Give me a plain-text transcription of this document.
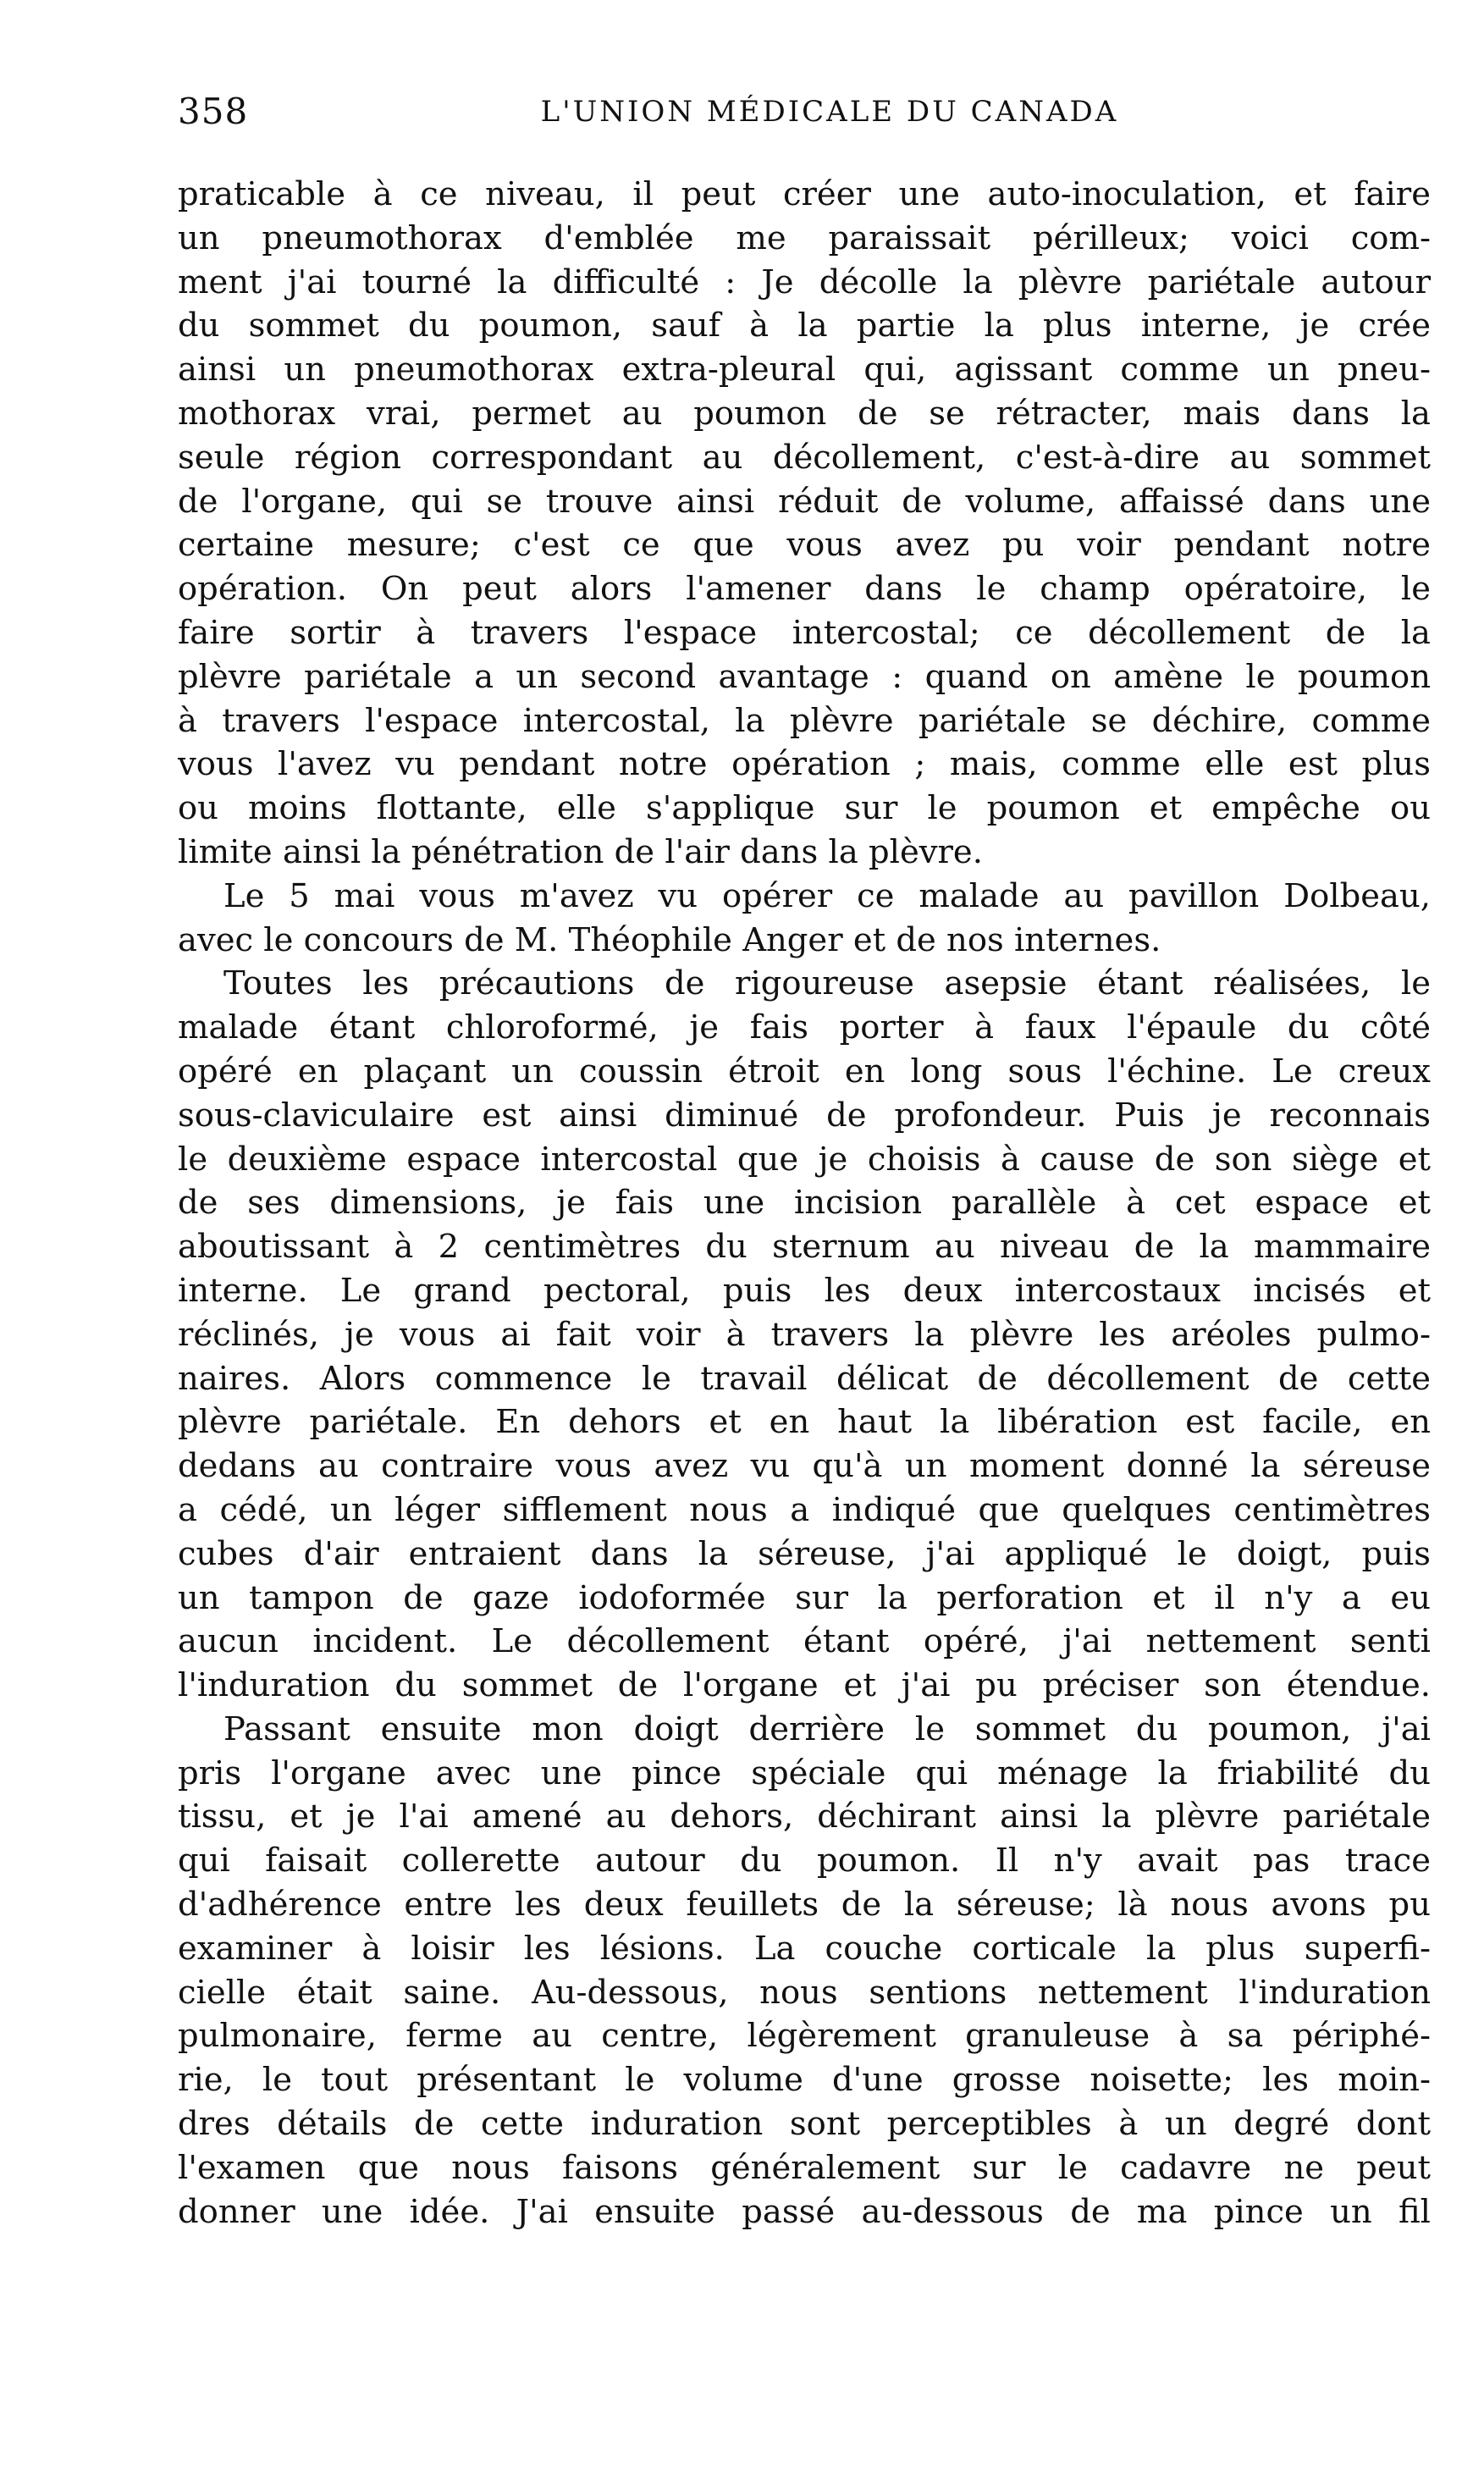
358	L'UNION MÉDICALE DU CANADA
praticable à ce niveau, il peut créer une auto-inoculation, et faire
un pneumothorax d'emblée me paraissait périlleux; voici com-
ment j'ai tourné la difficulté : Je décolle la plèvre pariétale autour
du sommet du poumon, sauf à la partie la plus interne, je crée
ainsi un pneumothorax extra-pleural qui, agissant comme un pneu-
mothorax vrai, permet au poumon de se rétracter, mais dans la
seule région correspondant au décollement, c'est-à-dire au sommet
de l'organe, qui se trouve ainsi réduit de volume, affaissé dans une
certaine mesure; c'est ce que vous avez pu voir pendant notre
opération. On peut alors l'amener dans le champ opératoire, le
faire sortir à travers l'espace intercostal; ce décollement de la
plèvre pariétale a un second avantage : quand on amène le poumon
à travers l'espace intercostal, la plèvre pariétale se déchire, comme
vous l'avez vu pendant notre opération ; mais, comme elle est plus
ou moins flottante, elle s'applique sur le poumon et empêche ou
limite ainsi la pénétration de l'air dans la plèvre.
Le 5 mai vous m'avez vu opérer ce malade au pavillon Dolbeau,
avec le concours de M. Théophile Anger et de nos internes.
Toutes les précautions de rigoureuse asepsie étant réalisées, le
malade étant chloroformé, je fais porter à faux l'épaule du côté
opéré en plaçant un coussin étroit en long sous l'échine. Le creux
sous-claviculaire est ainsi diminué de profondeur. Puis je reconnais
le deuxième espace intercostal que je choisis à cause de son siège et
de ses dimensions, je fais une incision parallèle à cet espace et
aboutissant à 2 centimètres du sternum au niveau de la mammaire
interne. Le grand pectoral, puis les deux intercostaux incisés et
réclinés, je vous ai fait voir à travers la plèvre les aréoles pulmo-
naires. Alors commence le travail délicat de décollement de cette
plèvre pariétale. En dehors et en haut la libération est facile, en
dedans au contraire vous avez vu qu'à un moment donné la séreuse
a cédé, un léger sifflement nous a indiqué que quelques centimètres
cubes d'air entraient dans la séreuse, j'ai appliqué le doigt, puis
un tampon de gaze iodoformée sur la perforation et il n'y a eu
aucun incident. Le décollement étant opéré, j'ai nettement senti
l'induration du sommet de l'organe et j'ai pu préciser son étendue.
Passant ensuite mon doigt derrière le sommet du poumon, j'ai
pris l'organe avec une pince spéciale qui ménage la friabilité du
tissu, et je l'ai amené au dehors, déchirant ainsi la plèvre pariétale
qui faisait collerette autour du poumon. Il n'y avait pas trace
d'adhérence entre les deux feuillets de la séreuse; là nous avons pu
examiner à loisir les lésions. La couche corticale la plus superfi-
cielle était saine. Au-dessous, nous sentions nettement l'induration
pulmonaire, ferme au centre, légèrement granuleuse à sa périphé-
rie, le tout présentant le volume d'une grosse noisette; les moin-
dres détails de cette induration sont perceptibles à un degré dont
l'examen que nous faisons généralement sur le cadavre ne peut
donner une idée. J'ai ensuite passé au-dessous de ma pince un fil
